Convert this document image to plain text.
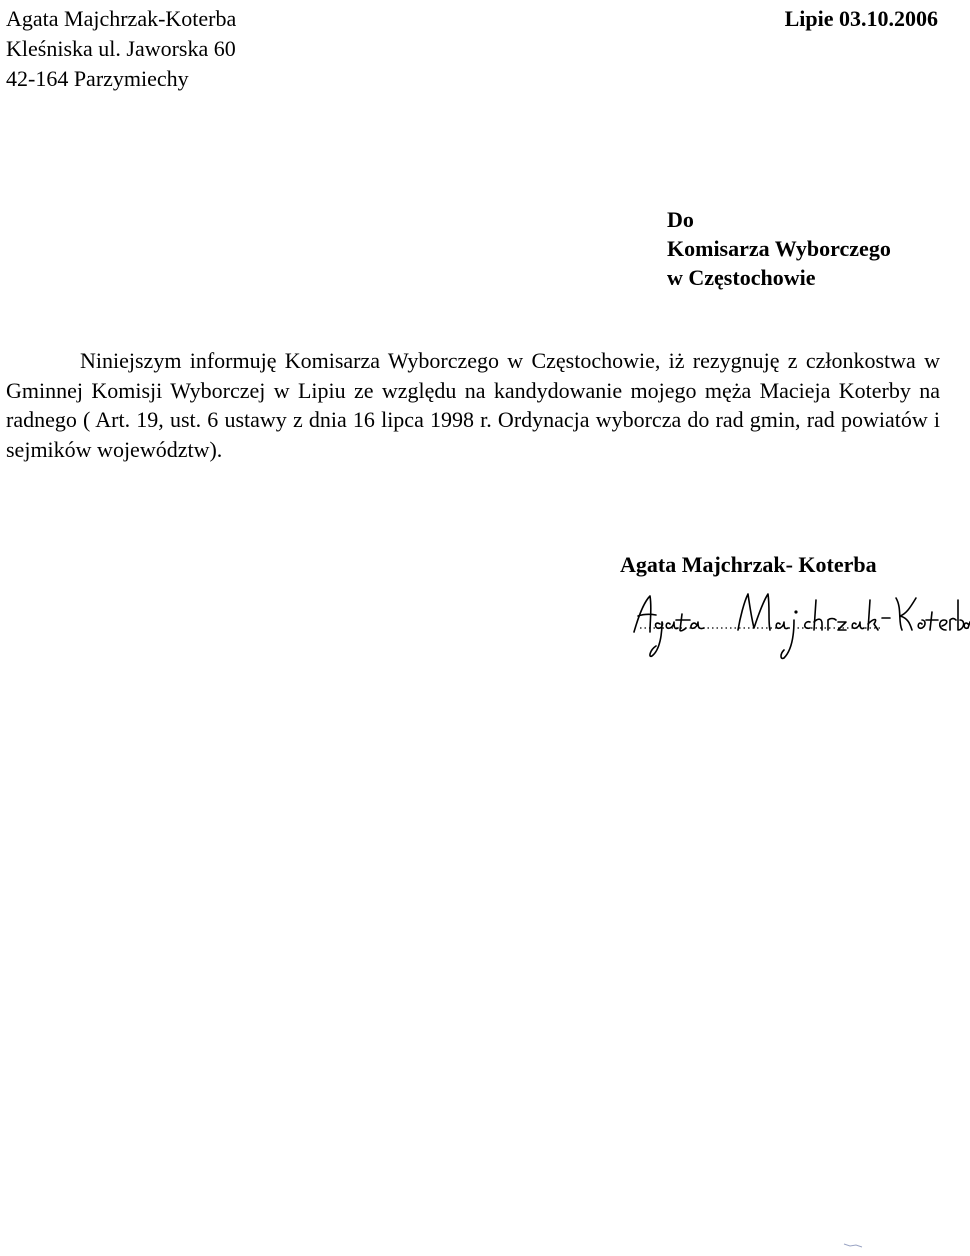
Agata Majchrzak-Koterba
Kleśniska ul. Jaworska 60
42-164 Parzymiechy
Lipie 03.10.2006
Do
Komisarza Wyborczego
w Częstochowie

Niniejszym informuję Komisarza Wyborczego w Częstochowie, iż rezygnuję z członkostwa w Gminnej Komisji Wyborczej w Lipiu ze względu na kandydowanie mojego męża Macieja Koterby na radnego ( Art. 19, ust. 6 ustawy z dnia 16 lipca 1998 r. Ordynacja wyborcza do rad gmin, rad powiatów i sejmików województw).

Agata Majchrzak- Koterba
